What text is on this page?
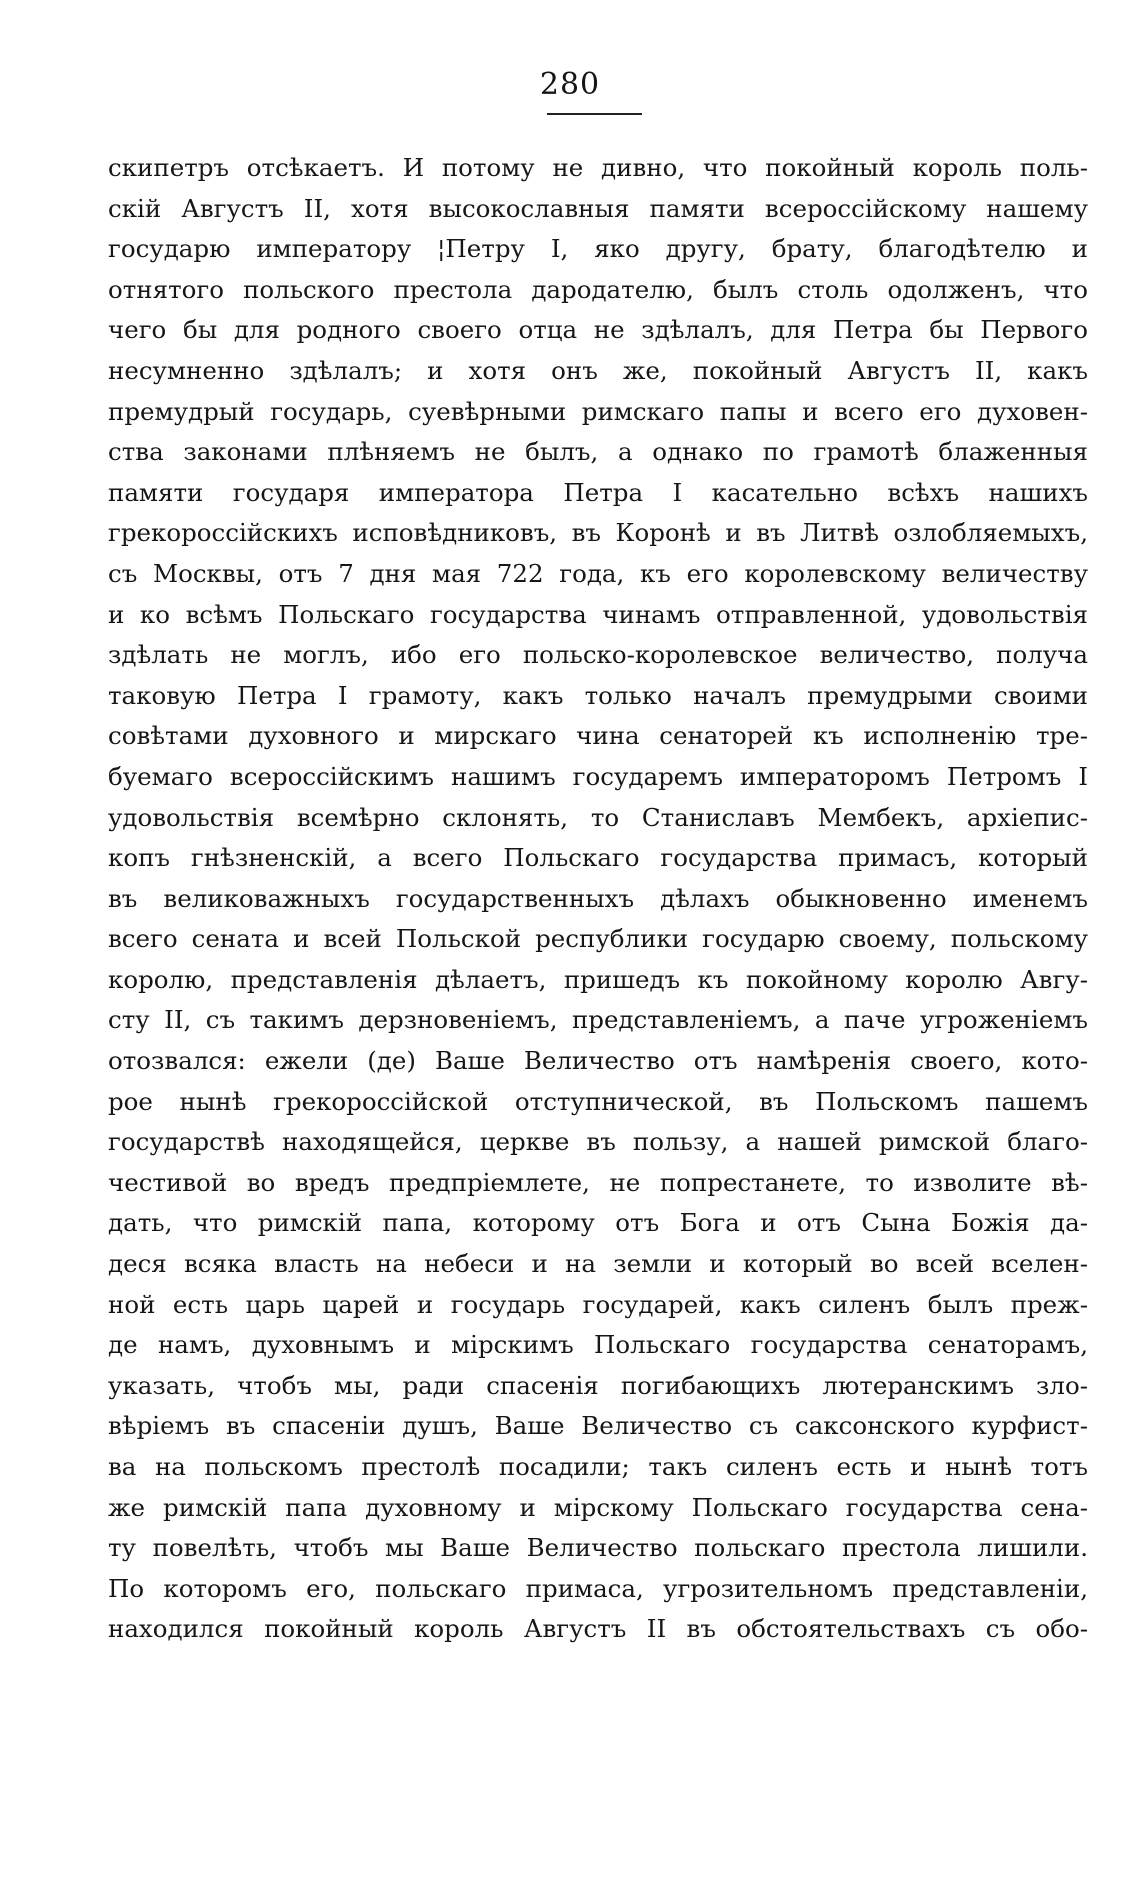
280
скипетръ отсѣкаетъ. И потому не дивно, что покойный король поль-
скій Августъ II, хотя высокославныя памяти всероссійскому нашему
государю императору ¦Петру I, яко другу, брату, благодѣтелю и
отнятого польского престола дародателю, былъ столь одолженъ, что
чего бы для родного своего отца не здѣлалъ, для Петра бы Первого
несумненно здѣлалъ; и хотя онъ же, покойный Августъ II, какъ
премудрый государь, суевѣрными римскаго папы и всего его духовен-
ства законами плѣняемъ не былъ, а однако по грамотѣ блаженныя
памяти государя императора Петра I касательно всѣхъ нашихъ
грекороссійскихъ исповѣдниковъ, въ Коронѣ и въ Литвѣ озлобляемыхъ,
съ Москвы, отъ 7 дня мая 722 года, къ его королевскому величеству
и ко всѣмъ Польскаго государства чинамъ отправленной, удовольствія
здѣлать не моглъ, ибо его польско-королевское величество, получа
таковую Петра I грамоту, какъ только началъ премудрыми своими
совѣтами духовного и мирскаго чина сенаторей къ исполненію тре-
буемаго всероссійскимъ нашимъ государемъ императоромъ Петромъ I
удовольствія всемѣрно склонять, то Станиславъ Мембекъ, архіепис-
копъ гнѣзненскій, а всего Польскаго государства примасъ, который
въ великоважныхъ государственныхъ дѣлахъ обыкновенно именемъ
всего сената и всей Польской республики государю своему, польскому
королю, представленія дѣлаетъ, пришедъ къ покойному королю Авгу-
сту II, съ такимъ дерзновеніемъ, представленіемъ, а паче угроженіемъ
отозвался: ежели (де) Ваше Величество отъ намѣренія своего, кото-
рое нынѣ грекороссійской отступнической, въ Польскомъ пашемъ
государствѣ находящейся, церкве въ пользу, а нашей римской благо-
честивой во вредъ предпріемлете, не попрестанете, то изволите вѣ-
дать, что римскій папа, которому отъ Бога и отъ Сына Божія да-
деся всяка власть на небеси и на земли и который во всей вселен-
ной есть царь царей и государь государей, какъ силенъ былъ преж-
де намъ, духовнымъ и мірскимъ Польскаго государства сенаторамъ,
указать, чтобъ мы, ради спасенія погибающихъ лютеранскимъ зло-
вѣріемъ въ спасеніи душъ, Ваше Величество съ саксонского курфист-
ва на польскомъ престолѣ посадили; такъ силенъ есть и нынѣ тотъ
же римскій папа духовному и мірскому Польскаго государства сена-
ту повелѣть, чтобъ мы Ваше Величество польскаго престола лишили.
По которомъ его, польскаго примаса, угрозительномъ представленіи,
находился покойный король Августъ II въ обстоятельствахъ съ обо-
